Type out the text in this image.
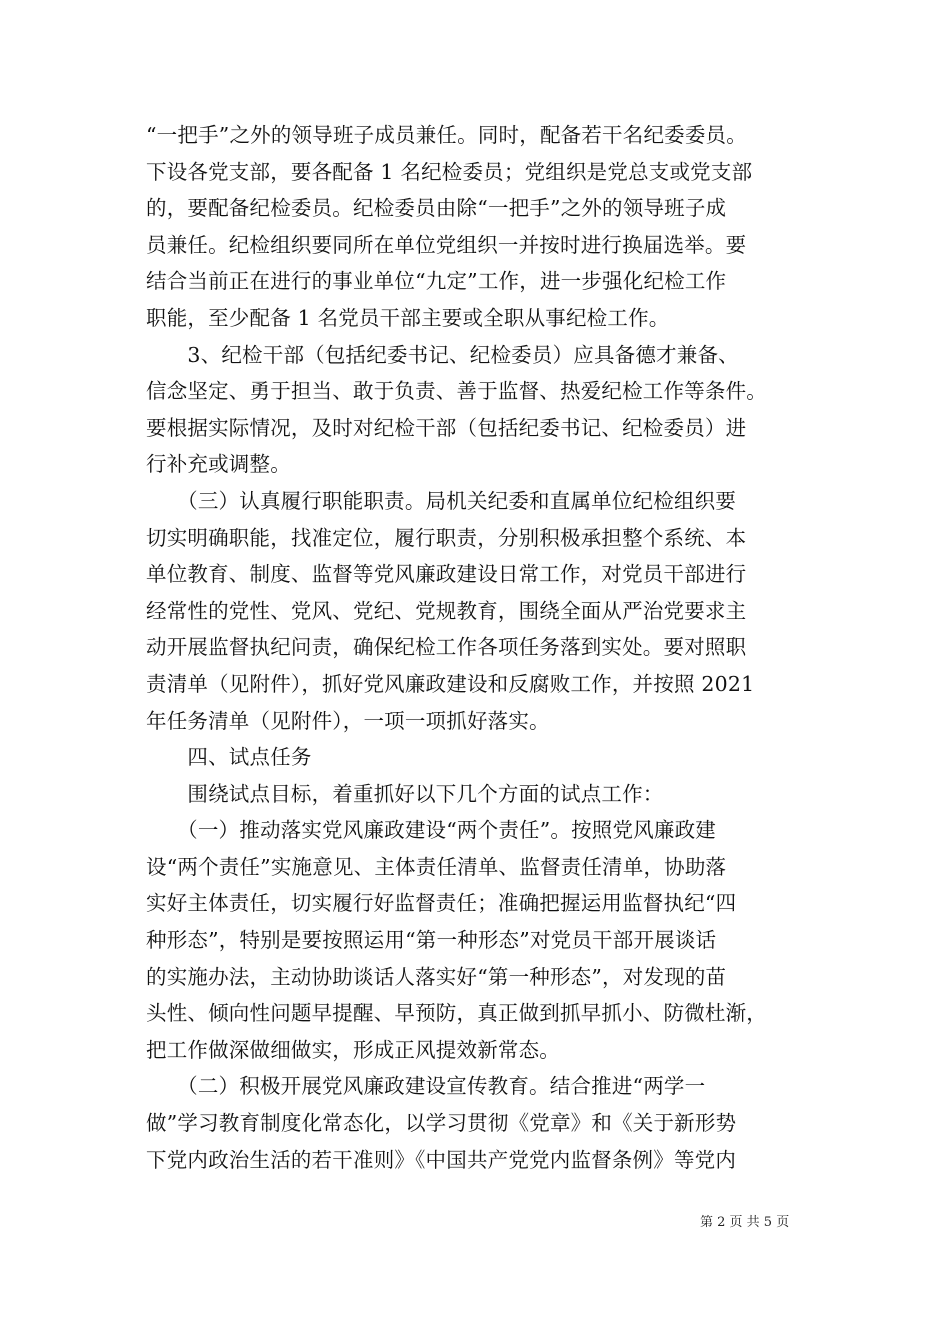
“一把手”之外的领导班子成员兼任。同时，配备若干名纪委委员。
下设各党支部，要各配备 1 名纪检委员；党组织是党总支或党支部
的，要配备纪检委员。纪检委员由除“一把手”之外的领导班子成
员兼任。纪检组织要同所在单位党组织一并按时进行换届选举。要
结合当前正在进行的事业单位“九定”工作，进一步强化纪检工作
职能，至少配备 1 名党员干部主要或全职从事纪检工作。
　　3、纪检干部（包括纪委书记、纪检委员）应具备德才兼备、
信念坚定、勇于担当、敢于负责、善于监督、热爱纪检工作等条件。
要根据实际情况，及时对纪检干部（包括纪委书记、纪检委员）进
行补充或调整。
　　（三）认真履行职能职责。局机关纪委和直属单位纪检组织要
切实明确职能，找准定位，履行职责，分别积极承担整个系统、本
单位教育、制度、监督等党风廉政建设日常工作，对党员干部进行
经常性的党性、党风、党纪、党规教育，围绕全面从严治党要求主
动开展监督执纪问责，确保纪检工作各项任务落到实处。要对照职
责清单（见附件），抓好党风廉政建设和反腐败工作，并按照 2021
年任务清单（见附件），一项一项抓好落实。
　　四、试点任务
　　围绕试点目标，着重抓好以下几个方面的试点工作：
　　（一）推动落实党风廉政建设“两个责任”。按照党风廉政建
设“两个责任”实施意见、主体责任清单、监督责任清单，协助落
实好主体责任，切实履行好监督责任；准确把握运用监督执纪“四
种形态”，特别是要按照运用“第一种形态”对党员干部开展谈话
的实施办法，主动协助谈话人落实好“第一种形态”，对发现的苗
头性、倾向性问题早提醒、早预防，真正做到抓早抓小、防微杜渐，
把工作做深做细做实，形成正风提效新常态。
　　（二）积极开展党风廉政建设宣传教育。结合推进“两学一
做”学习教育制度化常态化，以学习贯彻《党章》和《关于新形势
下党内政治生活的若干准则》《中国共产党党内监督条例》等党内
第 2 页 共 5 页
